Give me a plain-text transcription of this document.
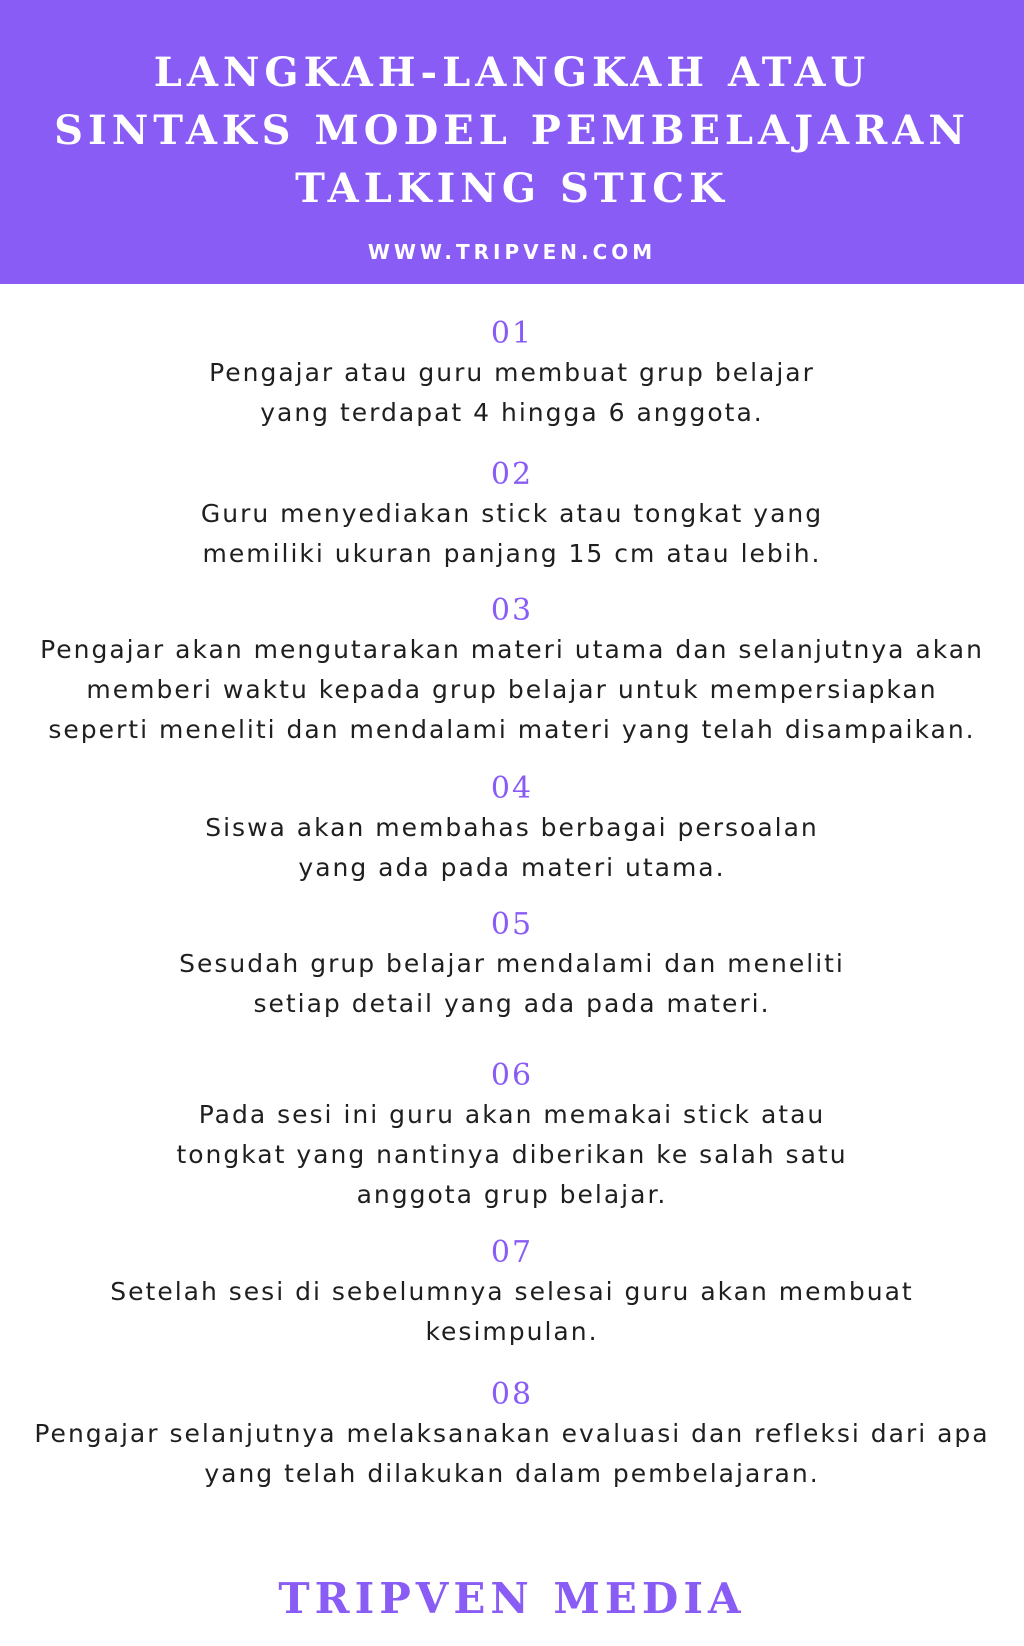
LANGKAH-LANGKAH ATAU
SINTAKS MODEL PEMBELAJARAN
TALKING STICK
WWW.TRIPVEN.COM
01
Pengajar atau guru membuat grup belajar
yang terdapat 4 hingga 6 anggota.
02
Guru menyediakan stick atau tongkat yang
memiliki ukuran panjang 15 cm atau lebih.
03
Pengajar akan mengutarakan materi utama dan selanjutnya akan
memberi waktu kepada grup belajar untuk mempersiapkan
seperti meneliti dan mendalami materi yang telah disampaikan.
04
Siswa akan membahas berbagai persoalan
yang ada pada materi utama.
05
Sesudah grup belajar mendalami dan meneliti
setiap detail yang ada pada materi.
06
Pada sesi ini guru akan memakai stick atau
tongkat yang nantinya diberikan ke salah satu
anggota grup belajar.
07
Setelah sesi di sebelumnya selesai guru akan membuat
kesimpulan.
08
Pengajar selanjutnya melaksanakan evaluasi dan refleksi dari apa
yang telah dilakukan dalam pembelajaran.
TRIPVEN MEDIA
